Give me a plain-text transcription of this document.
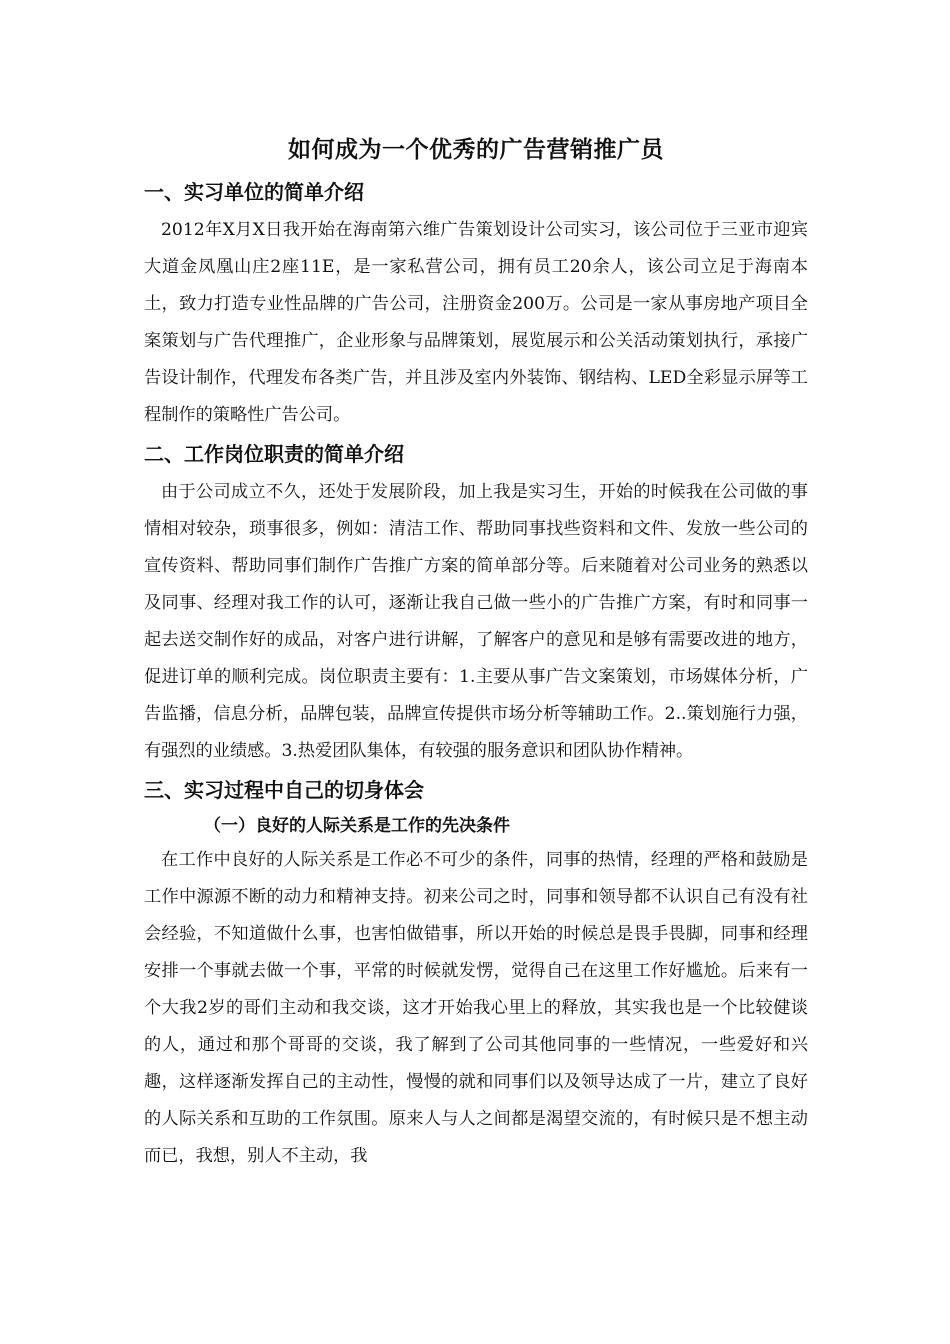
如何成为一个优秀的广告营销推广员
一、实习单位的简单介绍

2012年X月X日我开始在海南第六维广告策划设计公司实习，该公司位于三亚市迎宾大道金凤凰山庄2座11E，是一家私营公司，拥有员工20余人，该公司立足于海南本土，致力打造专业性品牌的广告公司，注册资金200万。公司是一家从事房地产项目全案策划与广告代理推广，企业形象与品牌策划，展览展示和公关活动策划执行，承接广告设计制作，代理发布各类广告，并且涉及室内外装饰、钢结构、LED全彩显示屏等工程制作的策略性广告公司。

二、工作岗位职责的简单介绍

由于公司成立不久，还处于发展阶段，加上我是实习生，开始的时候我在公司做的事情相对较杂，琐事很多，例如：清洁工作、帮助同事找些资料和文件、发放一些公司的宣传资料、帮助同事们制作广告推广方案的简单部分等。后来随着对公司业务的熟悉以及同事、经理对我工作的认可，逐渐让我自己做一些小的广告推广方案，有时和同事一起去送交制作好的成品，对客户进行讲解，了解客户的意见和是够有需要改进的地方，促进订单的顺利完成。岗位职责主要有：1.主要从事广告文案策划，市场媒体分析，广告监播，信息分析，品牌包装，品牌宣传提供市场分析等辅助工作。2..策划施行力强，有强烈的业绩感。3.热爱团队集体，有较强的服务意识和团队协作精神。

三、实习过程中自己的切身体会
（一）良好的人际关系是工作的先决条件

在工作中良好的人际关系是工作必不可少的条件，同事的热情，经理的严格和鼓励是工作中源源不断的动力和精神支持。初来公司之时，同事和领导都不认识自己有没有社会经验，不知道做什么事，也害怕做错事，所以开始的时候总是畏手畏脚，同事和经理安排一个事就去做一个事，平常的时候就发愣，觉得自己在这里工作好尴尬。后来有一个大我2岁的哥们主动和我交谈，这才开始我心里上的释放，其实我也是一个比较健谈的人，通过和那个哥哥的交谈，我了解到了公司其他同事的一些情况，一些爱好和兴趣，这样逐渐发挥自己的主动性，慢慢的就和同事们以及领导达成了一片，建立了良好的人际关系和互助的工作氛围。原来人与人之间都是渴望交流的，有时候只是不想主动而已，我想，别人不主动，我
